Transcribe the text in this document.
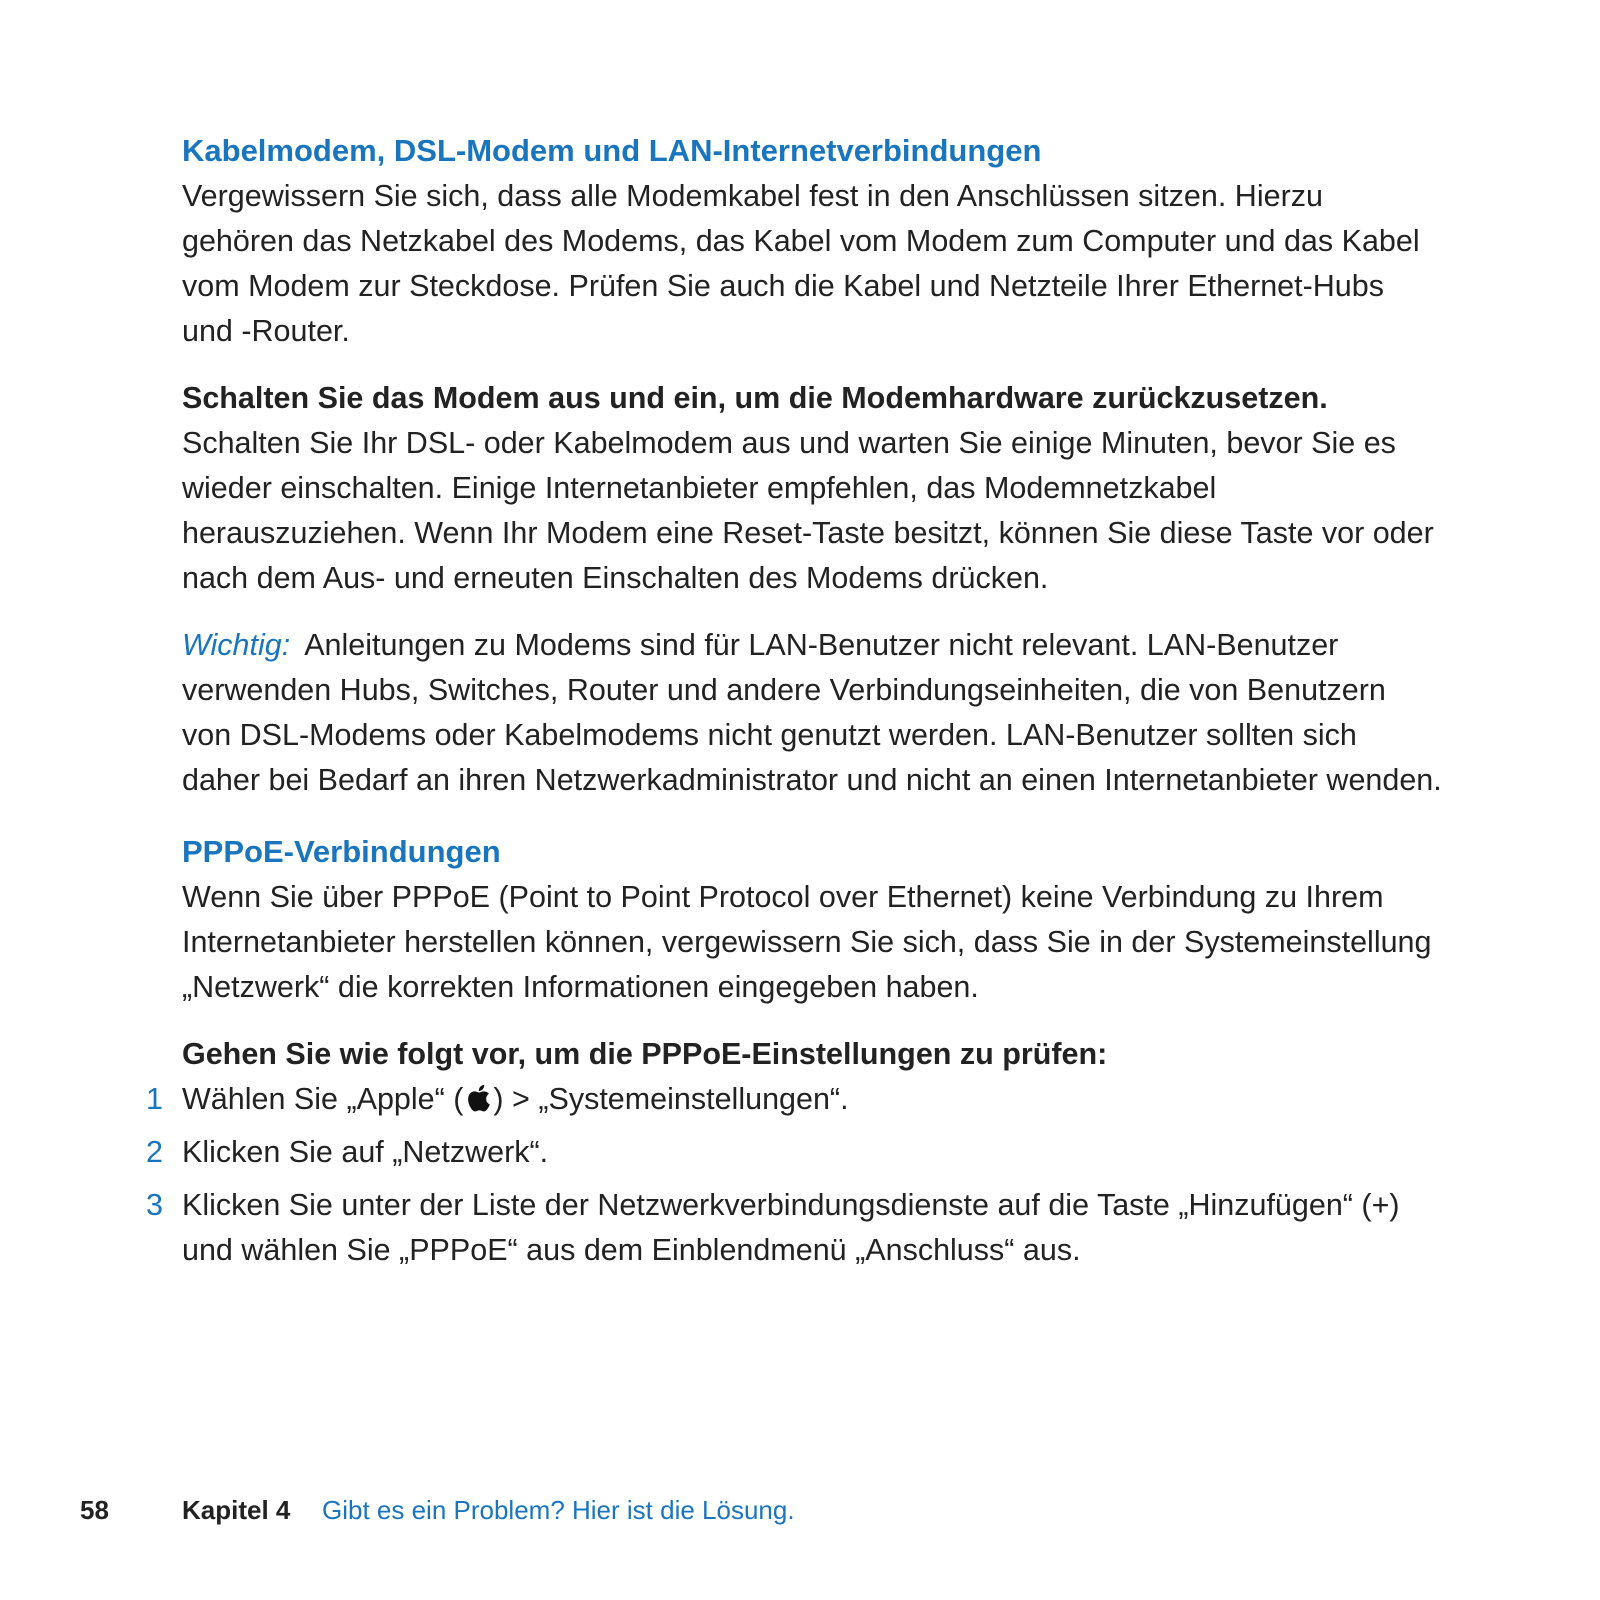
Kabelmodem, DSL-Modem und LAN-Internetverbindungen

Vergewissern Sie sich, dass alle Modemkabel fest in den Anschlüssen sitzen. Hierzu gehören das Netzkabel des Modems, das Kabel vom Modem zum Computer und das Kabel vom Modem zur Steckdose. Prüfen Sie auch die Kabel und Netzteile Ihrer Ethernet-Hubs und -Router.

Schalten Sie das Modem aus und ein, um die Modemhardware zurückzusetzen.

Schalten Sie Ihr DSL- oder Kabelmodem aus und warten Sie einige Minuten, bevor Sie es wieder einschalten. Einige Internetanbieter empfehlen, das Modemnetzkabel herauszuziehen. Wenn Ihr Modem eine Reset-Taste besitzt, können Sie diese Taste vor oder nach dem Aus- und erneuten Einschalten des Modems drücken.

Wichtig: Anleitungen zu Modems sind für LAN-Benutzer nicht relevant. LAN-Benutzer verwenden Hubs, Switches, Router und andere Verbindungseinheiten, die von Benutzern von DSL-Modems oder Kabelmodems nicht genutzt werden. LAN-Benutzer sollten sich daher bei Bedarf an ihren Netzwerkadministrator und nicht an einen Internetanbieter wenden.

PPPoE-Verbindungen

Wenn Sie über PPPoE (Point to Point Protocol over Ethernet) keine Verbindung zu Ihrem Internetanbieter herstellen können, vergewissern Sie sich, dass Sie in der Systemeinstellung „Netzwerk“ die korrekten Informationen eingegeben haben.

Gehen Sie wie folgt vor, um die PPPoE-Einstellungen zu prüfen:

1 Wählen Sie „Apple“ ( ) > „Systemeinstellungen“.
2 Klicken Sie auf „Netzwerk“.
3 Klicken Sie unter der Liste der Netzwerkverbindungsdienste auf die Taste „Hinzufügen“ (+) und wählen Sie „PPPoE“ aus dem Einblendmenü „Anschluss“ aus.
58	Kapitel 4 Gibt es ein Problem? Hier ist die Lösung.
